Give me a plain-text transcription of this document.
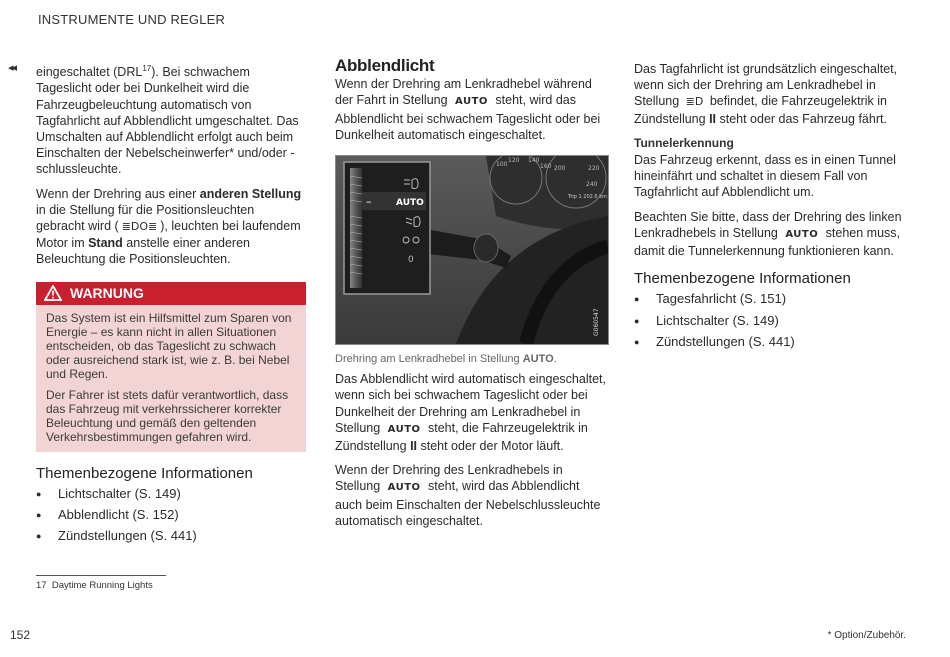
INSTRUMENTE UND REGLER
◂◂ eingeschaltet (DRL$^{17}$). Bei schwachem Tageslicht oder bei Dunkelheit wird die Fahrzeugbeleuchtung automatisch von Tagfahrlicht auf Abblendlicht umgeschaltet. Das Umschalten auf Abblendlicht erfolgt auch beim Einschalten der Nebelscheinwerfer* und/oder -schlussleuchte.

Wenn der Drehring aus einer anderen Stellung in die Stellung für die Positionsleuchten gebracht wird ( ≣DO≣ ), leuchten bei laufendem Motor im Stand anstelle einer anderen Beleuchtung die Positionsleuchten.

WARNUNG

Das System ist ein Hilfsmittel zum Sparen von Energie – es kann nicht in allen Situationen entscheiden, ob das Tageslicht zu schwach oder ausreichend stark ist, wie z. B. bei Nebel und Regen.

Der Fahrer ist stets dafür verantwortlich, dass das Fahrzeug mit verkehrssicherer korrekter Beleuchtung und gemäß den geltenden Verkehrsbestimmungen gefahren wird.

Themenbezogene Informationen
● Lichtschalter (S. 149)
● Abblendlicht (S. 152)
● Zündstellungen (S. 441)
Abblendlicht

Wenn der Drehring am Lenkradhebel während der Fahrt in Stellung AUTO steht, wird das Abblendlicht bei schwachem Tageslicht oder bei Dunkelheit automatisch eingeschaltet.

100
120 140
160 200	220
240
Trip 1 202.6 km
–	AUTO
0
G060547
Drehring am Lenkradhebel in Stellung AUTO.

Das Abblendlicht wird automatisch eingeschaltet, wenn sich bei schwachem Tageslicht oder bei Dunkelheit der Drehring am Lenkradhebel in Stellung AUTO steht, die Fahrzeugelektrik in Zündstellung II steht oder der Motor läuft.

Wenn der Drehring des Lenkradhebels in Stellung AUTO steht, wird das Abblendlicht auch beim Einschalten der Nebelschlussleuchte automatisch eingeschaltet.

Das Tagfahrlicht ist grundsätzlich eingeschaltet, wenn sich der Drehring am Lenkradhebel in Stellung ≣D befindet, die Fahrzeugelektrik in Zündstellung II steht oder das Fahrzeug fährt.

Tunnelerkennung

Das Fahrzeug erkennt, dass es in einen Tunnel hineinfährt und schaltet in diesem Fall von Tagfahrlicht auf Abblendlicht um.

Beachten Sie bitte, dass der Drehring des linken Lenkradhebels in Stellung AUTO stehen muss, damit die Tunnelerkennung funktionieren kann.

Themenbezogene Informationen
● Tagesfahrlicht (S. 151)
● Lichtschalter (S. 149)
● Zündstellungen (S. 441)
17 Daytime Running Lights
152	* Option/Zubehör.
